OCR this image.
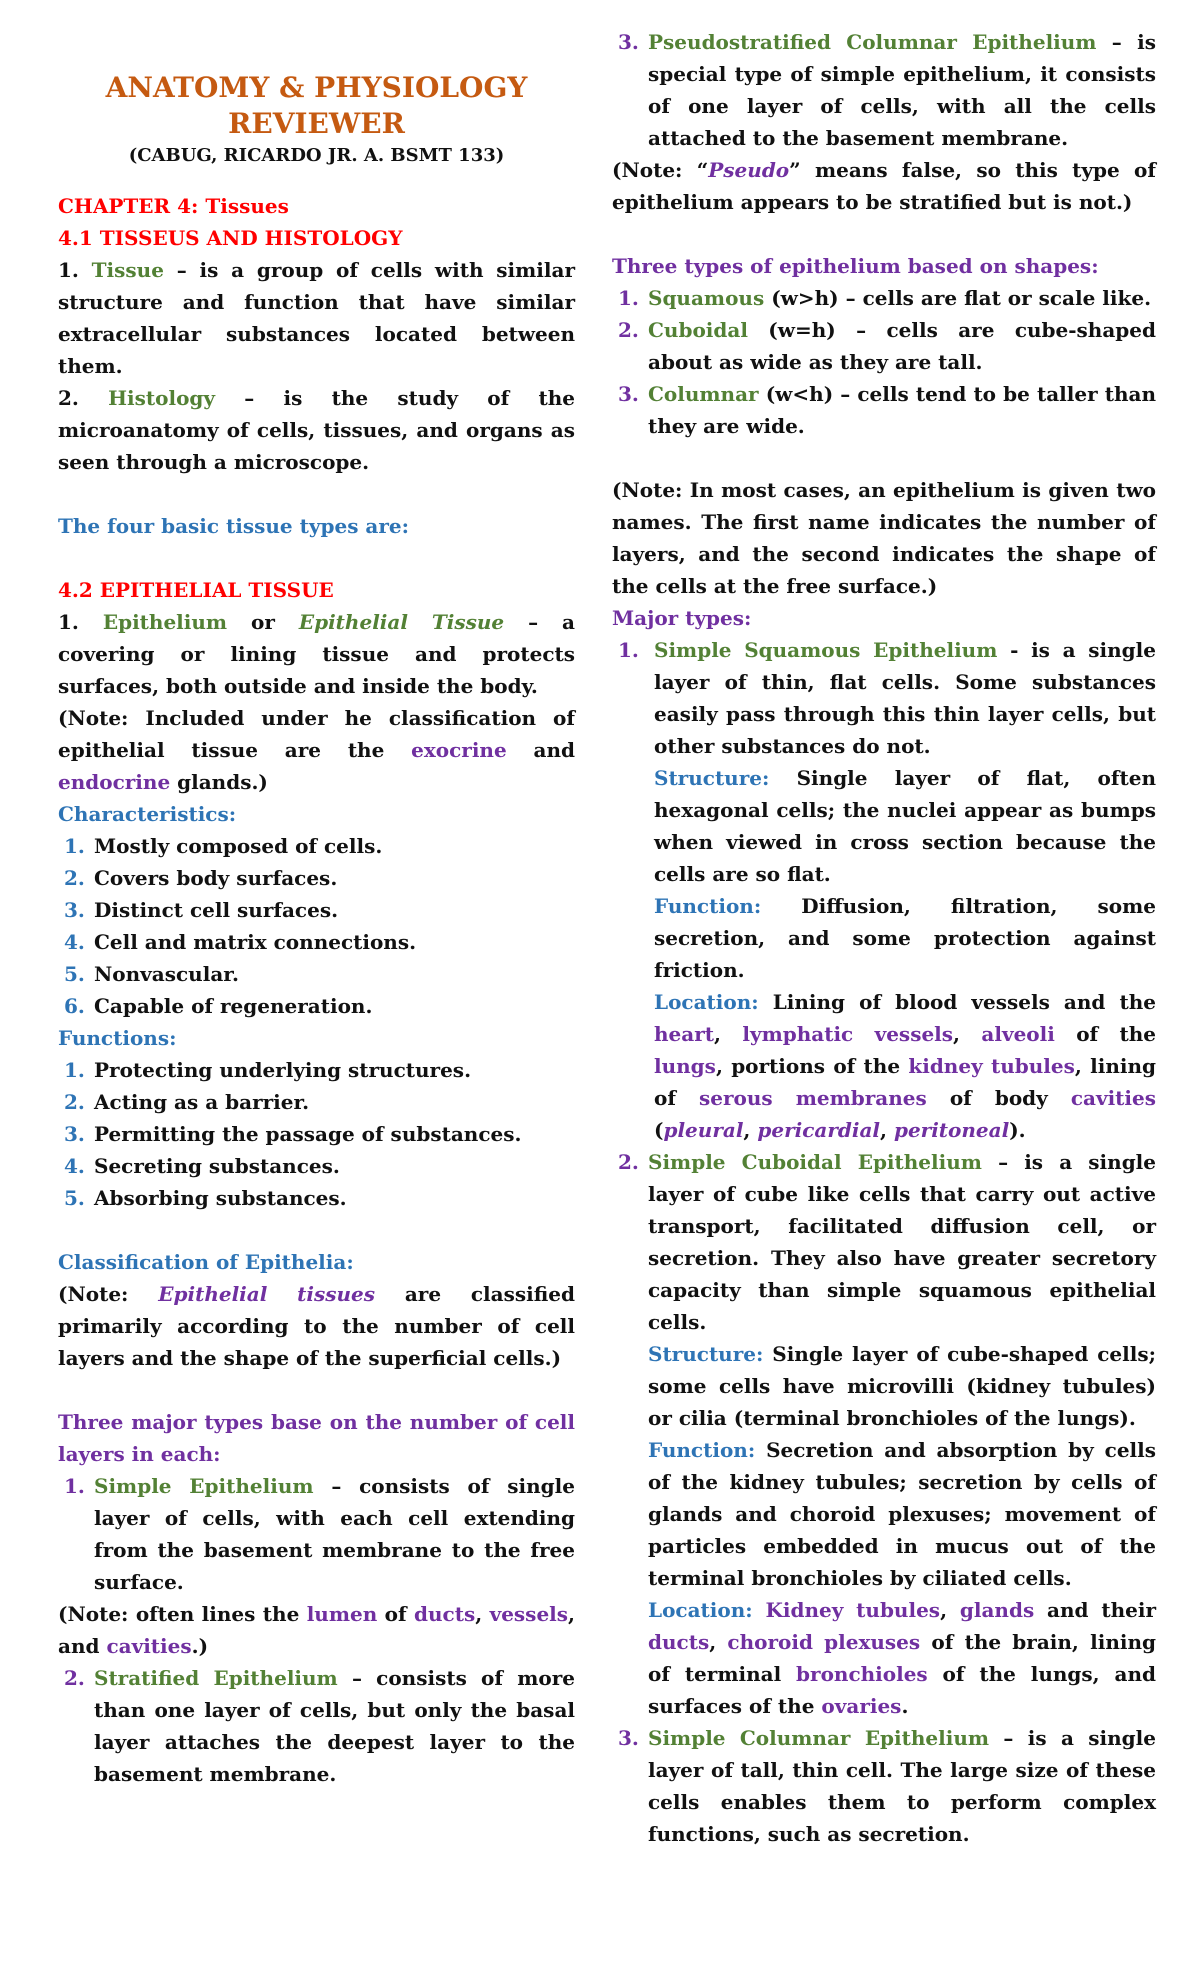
ANATOMY & PHYSIOLOGY

REVIEWER

(CABUG, RICARDO JR. A. BSMT 133)

CHAPTER 4: Tissues

4.1 TISSEUS AND HISTOLOGY

1. Tissue – is a group of cells with similar structure and function that have similar extracellular substances located between them.

2. Histology – is the study of the microanatomy of cells, tissues, and organs as seen through a microscope.

The four basic tissue types are:

4.2 EPITHELIAL TISSUE

1. Epithelium or Epithelial Tissue – a covering or lining tissue and protects surfaces, both outside and inside the body.

(Note: Included under he classification of epithelial tissue are the exocrine and endocrine glands.)

Characteristics:

1. Mostly composed of cells.
2. Covers body surfaces.
3. Distinct cell surfaces.
4. Cell and matrix connections.
5. Nonvascular.
6. Capable of regeneration.

Functions:

1. Protecting underlying structures.
2. Acting as a barrier.
3. Permitting the passage of substances.
4. Secreting substances.
5. Absorbing substances.

Classification of Epithelia:

(Note: Epithelial tissues are classified primarily according to the number of cell layers and the shape of the superficial cells.)

Three major types base on the number of cell layers in each:

1. Simple Epithelium – consists of single layer of cells, with each cell extending from the basement membrane to the free surface.

(Note: often lines the lumen of ducts, vessels, and cavities.)

2. Stratified Epithelium – consists of more than one layer of cells, but only the basal layer attaches the deepest layer to the basement membrane.
3. Pseudostratified Columnar Epithelium – is special type of simple epithelium, it consists of one layer of cells, with all the cells attached to the basement membrane.

(Note: “Pseudo” means false, so this type of epithelium appears to be stratified but is not.)

Three types of epithelium based on shapes:

1. Squamous (w>h) – cells are flat or scale like.
2. Cuboidal (w=h) – cells are cube-shaped about as wide as they are tall.
3. Columnar (w<h) – cells tend to be taller than they are wide.

(Note: In most cases, an epithelium is given two names. The first name indicates the number of layers, and the second indicates the shape of the cells at the free surface.)

Major types:

1. Simple Squamous Epithelium - is a single layer of thin, flat cells. Some substances easily pass through this thin layer cells, but other substances do not.

Structure: Single layer of flat, often hexagonal cells; the nuclei appear as bumps when viewed in cross section because the cells are so flat.

Function: Diffusion, filtration, some secretion, and some protection against friction.

Location: Lining of blood vessels and the heart, lymphatic vessels, alveoli of the lungs, portions of the kidney tubules, lining of serous membranes of body cavities (pleural, pericardial, peritoneal).

2. Simple Cuboidal Epithelium – is a single layer of cube like cells that carry out active transport, facilitated diffusion cell, or secretion. They also have greater secretory capacity than simple squamous epithelial cells.

Structure: Single layer of cube-shaped cells; some cells have microvilli (kidney tubules) or cilia (terminal bronchioles of the lungs).

Function: Secretion and absorption by cells of the kidney tubules; secretion by cells of glands and choroid plexuses; movement of particles embedded in mucus out of the terminal bronchioles by ciliated cells.

Location: Kidney tubules, glands and their ducts, choroid plexuses of the brain, lining of terminal bronchioles of the lungs, and surfaces of the ovaries.

3. Simple Columnar Epithelium – is a single layer of tall, thin cell. The large size of these cells enables them to perform complex functions, such as secretion.
